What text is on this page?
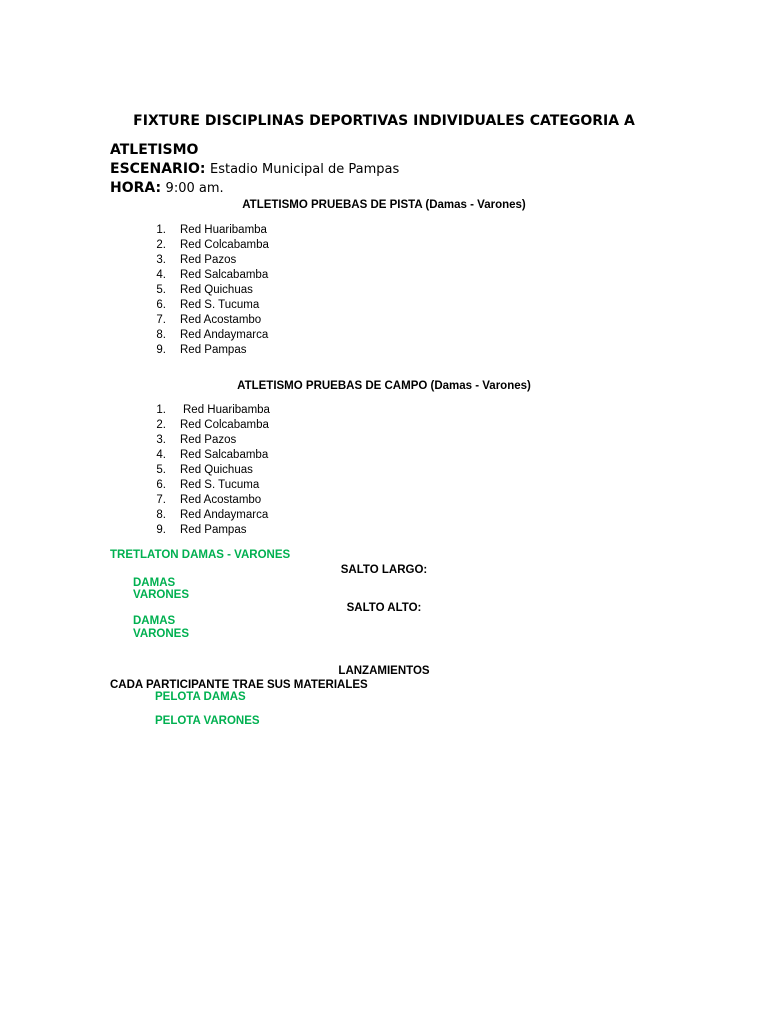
FIXTURE DISCIPLINAS DEPORTIVAS INDIVIDUALES CATEGORIA A
ATLETISMO
ESCENARIO: Estadio Municipal de Pampas
HORA: 9:00 am.
ATLETISMO PRUEBAS DE PISTA (Damas - Varones)
1. Red Huaribamba
2. Red Colcabamba
3. Red Pazos
4. Red Salcabamba
5. Red Quichuas
6. Red S. Tucuma
7. Red Acostambo
8. Red Andaymarca
9. Red Pampas
ATLETISMO PRUEBAS DE CAMPO (Damas - Varones)
1. Red Huaribamba
2. Red Colcabamba
3. Red Pazos
4. Red Salcabamba
5. Red Quichuas
6. Red S. Tucuma
7. Red Acostambo
8. Red Andaymarca
9. Red Pampas
TRETLATON DAMAS - VARONES
SALTO LARGO:
DAMAS
VARONES
SALTO ALTO:
DAMAS
VARONES
LANZAMIENTOS
CADA PARTICIPANTE TRAE SUS MATERIALES
PELOTA DAMAS
PELOTA VARONES
